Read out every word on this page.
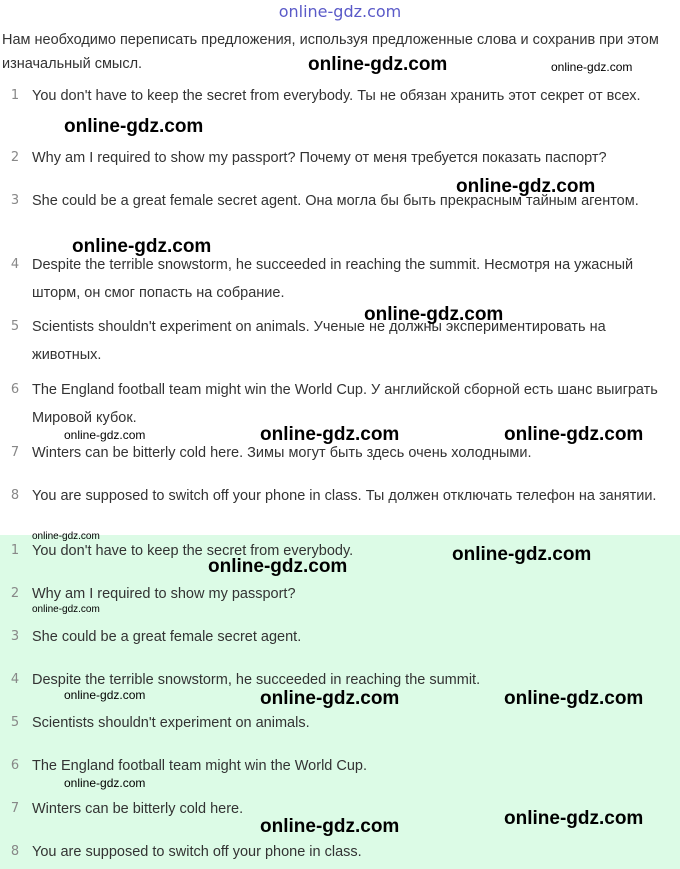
online-gdz.com
Нам необходимо переписать предложения, используя предложенные слова и сохранив при этом изначальный смысл.
1 You don't have to keep the secret from everybody. Ты не обязан хранить этот секрет от всех.
2 Why am I required to show my passport? Почему от меня требуется показать паспорт?
3 She could be a great female secret agent. Она могла бы быть прекрасным тайным агентом.
4 Despite the terrible snowstorm, he succeeded in reaching the summit. Несмотря на ужасный шторм, он смог попасть на собрание.
5 Scientists shouldn't experiment on animals. Ученые не должны экспериментировать на животных.
6 The England football team might win the World Cup. У английской сборной есть шанс выиграть Мировой кубок.
7 Winters can be bitterly cold here. Зимы могут быть здесь очень холодными.
8 You are supposed to switch off your phone in class. Ты должен отключать телефон на занятии.
1 You don't have to keep the secret from everybody.
2 Why am I required to show my passport?
3 She could be a great female secret agent.
4 Despite the terrible snowstorm, he succeeded in reaching the summit.
5 Scientists shouldn't experiment on animals.
6 The England football team might win the World Cup.
7 Winters can be bitterly cold here.
8 You are supposed to switch off your phone in class.
online-gdz.com	online-gdz.com
online-gdz.com
online-gdz.com
online-gdz.com
online-gdz.com
online-gdz.com	online-gdz.com	online-gdz.com
online-gdz.com
online-gdz.com
online-gdz.com
online-gdz.com
online-gdz.com	online-gdz.com	online-gdz.com
online-gdz.com
online-gdz.com
online-gdz.com
